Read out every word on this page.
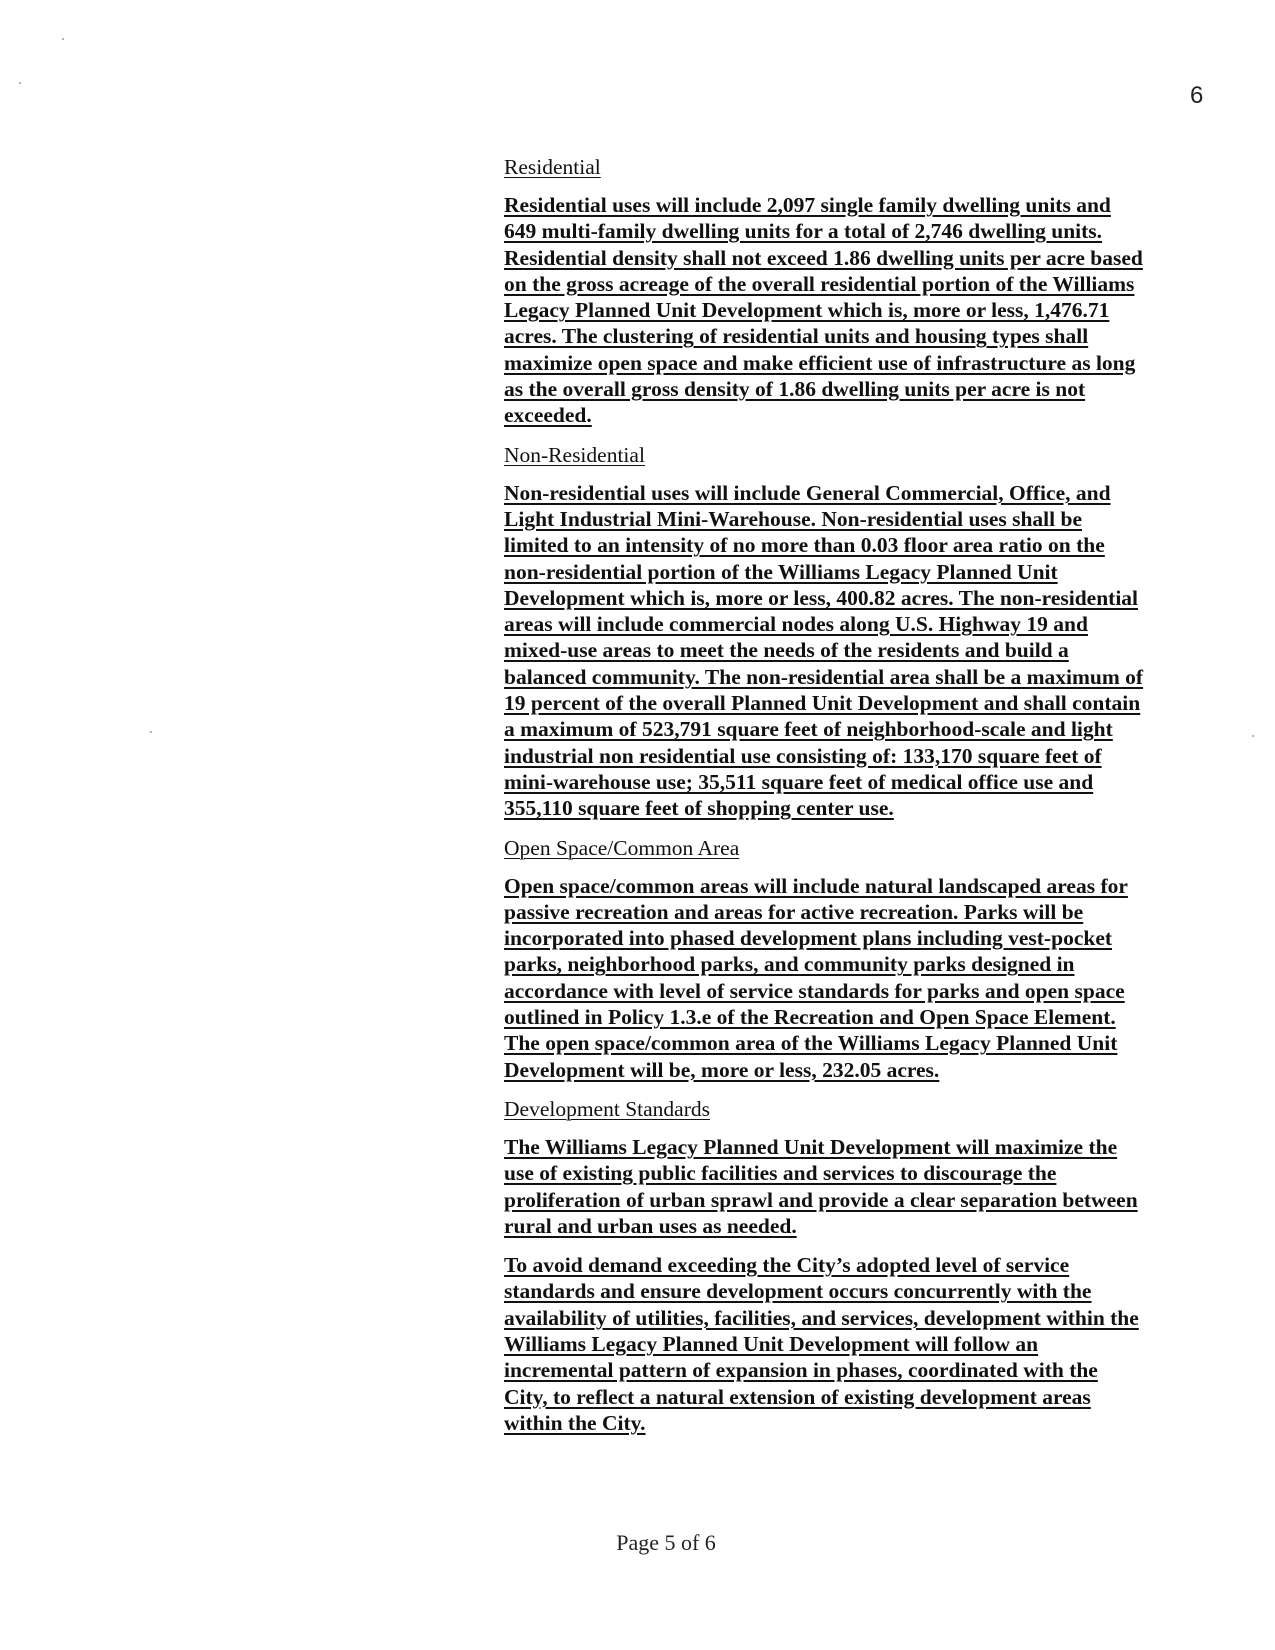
6
Residential

Residential uses will include 2,097 single family dwelling units and 649 multi-family dwelling units for a total of 2,746 dwelling units. Residential density shall not exceed 1.86 dwelling units per acre based on the gross acreage of the overall residential portion of the Williams Legacy Planned Unit Development which is, more or less, 1,476.71 acres. The clustering of residential units and housing types shall maximize open space and make efficient use of infrastructure as long as the overall gross density of 1.86 dwelling units per acre is not exceeded.

Non-Residential

Non-residential uses will include General Commercial, Office, and Light Industrial Mini-Warehouse. Non-residential uses shall be limited to an intensity of no more than 0.03 floor area ratio on the non-residential portion of the Williams Legacy Planned Unit Development which is, more or less, 400.82 acres. The non-residential areas will include commercial nodes along U.S. Highway 19 and mixed-use areas to meet the needs of the residents and build a balanced community. The non-residential area shall be a maximum of 19 percent of the overall Planned Unit Development and shall contain a maximum of 523,791 square feet of neighborhood-scale and light industrial non residential use consisting of: 133,170 square feet of mini-warehouse use; 35,511 square feet of medical office use and 355,110 square feet of shopping center use.

Open Space/Common Area

Open space/common areas will include natural landscaped areas for passive recreation and areas for active recreation. Parks will be incorporated into phased development plans including vest-pocket parks, neighborhood parks, and community parks designed in accordance with level of service standards for parks and open space outlined in Policy 1.3.e of the Recreation and Open Space Element. The open space/common area of the Williams Legacy Planned Unit Development will be, more or less, 232.05 acres.

Development Standards

The Williams Legacy Planned Unit Development will maximize the use of existing public facilities and services to discourage the proliferation of urban sprawl and provide a clear separation between rural and urban uses as needed.

To avoid demand exceeding the City’s adopted level of service standards and ensure development occurs concurrently with the availability of utilities, facilities, and services, development within the Williams Legacy Planned Unit Development will follow an incremental pattern of expansion in phases, coordinated with the City, to reflect a natural extension of existing development areas within the City.

Page 5 of 6
